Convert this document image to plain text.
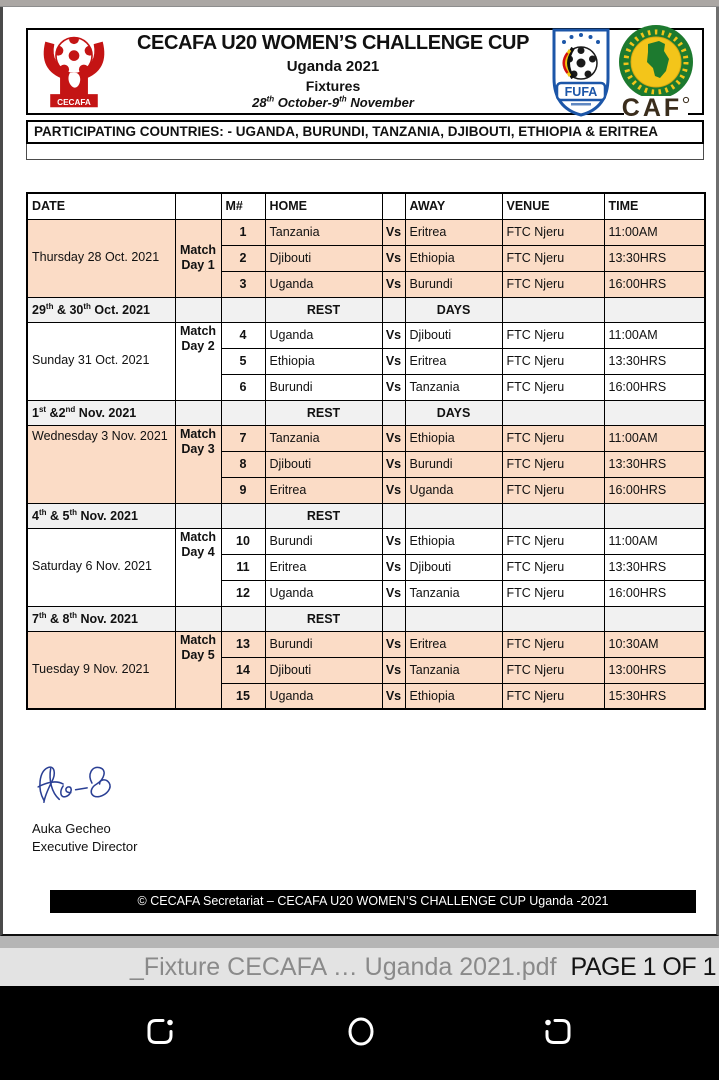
CECAFA
CECAFA U20 WOMEN’S CHALLENGE CUP
Uganda 2021
Fixtures
28th October-9th November
FUFA
CAF
PARTICIPATING COUNTRIES: - UGANDA, BURUNDI, TANZANIA, DJIBOUTI, ETHIOPIA & ERITREA
DATE		M#	HOME		AWAY	VENUE	TIME
Thursday 28 Oct. 2021	Match Day 1	1	Tanzania	Vs	Eritrea	FTC Njeru	11:00AM
		2	Djibouti	Vs	Ethiopia	FTC Njeru	13:30HRS
		3	Uganda	Vs	Burundi	FTC Njeru	16:00HRS
29th & 30th Oct. 2021			REST		DAYS		
Sunday 31 Oct. 2021	Match Day 2	4	Uganda	Vs	Djibouti	FTC Njeru	11:00AM
		5	Ethiopia	Vs	Eritrea	FTC Njeru	13:30HRS
		6	Burundi	Vs	Tanzania	FTC Njeru	16:00HRS
1st &2nd Nov. 2021			REST		DAYS		
Wednesday 3 Nov. 2021	Match Day 3	7	Tanzania	Vs	Ethiopia	FTC Njeru	11:00AM
		8	Djibouti	Vs	Burundi	FTC Njeru	13:30HRS
		9	Eritrea	Vs	Uganda	FTC Njeru	16:00HRS
4th & 5th Nov. 2021			REST				
Saturday 6 Nov. 2021	Match Day 4	10	Burundi	Vs	Ethiopia	FTC Njeru	11:00AM
		11	Eritrea	Vs	Djibouti	FTC Njeru	13:30HRS
		12	Uganda	Vs	Tanzania	FTC Njeru	16:00HRS
7th & 8th Nov. 2021			REST				
Tuesday 9 Nov. 2021	Match Day 5	13	Burundi	Vs	Eritrea	FTC Njeru	10:30AM
		14	Djibouti	Vs	Tanzania	FTC Njeru	13:00HRS
		15	Uganda	Vs	Ethiopia	FTC Njeru	15:30HRS
Auka Gecheo
Executive Director
© CECAFA Secretariat – CECAFA U20 WOMEN’S CHALLENGE CUP Uganda -2021
_Fixture CECAFA … Uganda 2021.pdf PAGE 1 OF 1
